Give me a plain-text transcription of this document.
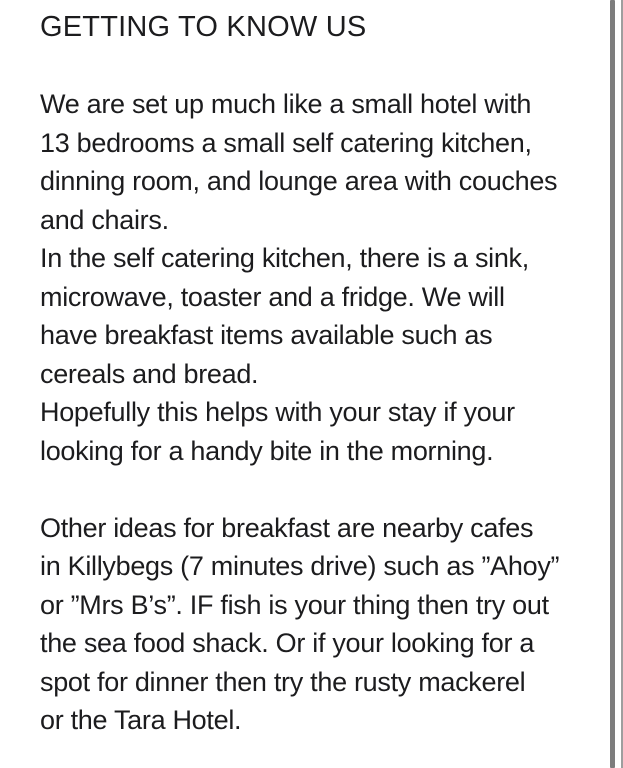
GETTING TO KNOW US
We are set up much like a small hotel with
13 bedrooms a small self catering kitchen,
dinning room, and lounge area with couches
and chairs.
In the self catering kitchen, there is a sink,
microwave, toaster and a fridge. We will
have breakfast items available such as
cereals and bread.
Hopefully this helps with your stay if your
looking for a handy bite in the morning.
Other ideas for breakfast are nearby cafes
in Killybegs (7 minutes drive) such as ”Ahoy”
or ”Mrs B’s”. IF fish is your thing then try out
the sea food shack. Or if your looking for a
spot for dinner then try the rusty mackerel
or the Tara Hotel.
